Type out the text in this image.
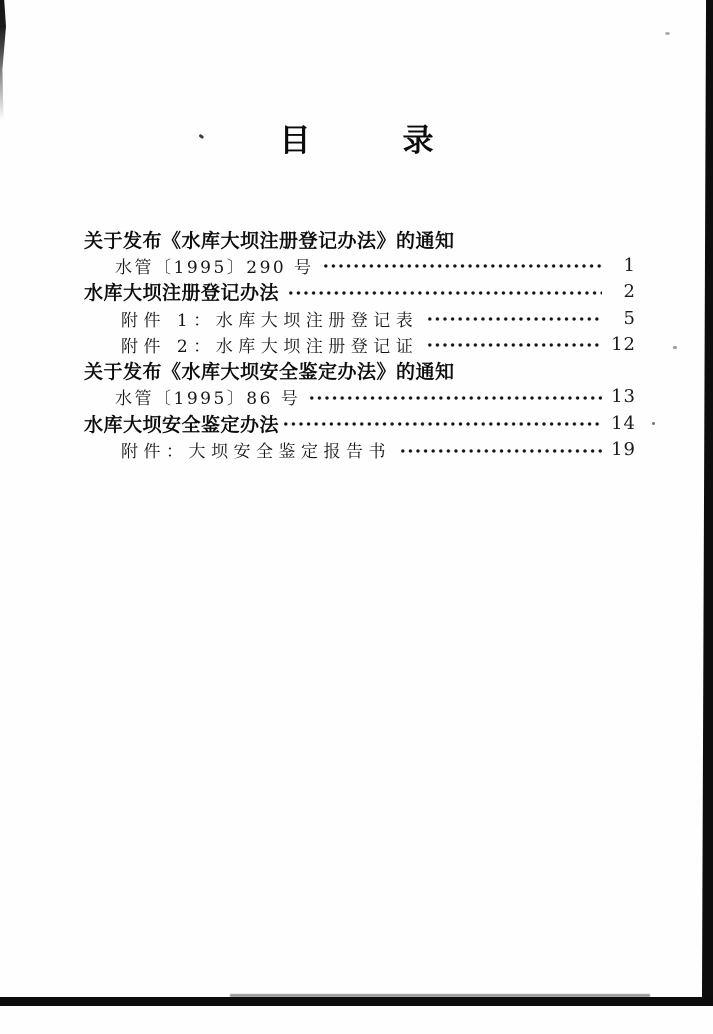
目	录
关于发布《水库大坝注册登记办法》的通知
水管〔1995〕290 号	1
水库大坝注册登记办法	2
附件 1：水库大坝注册登记表	5
附件 2：水库大坝注册登记证	12
关于发布《水库大坝安全鉴定办法》的通知
水管〔1995〕86 号	13
水库大坝安全鉴定办法	14
附件：大坝安全鉴定报告书	19
